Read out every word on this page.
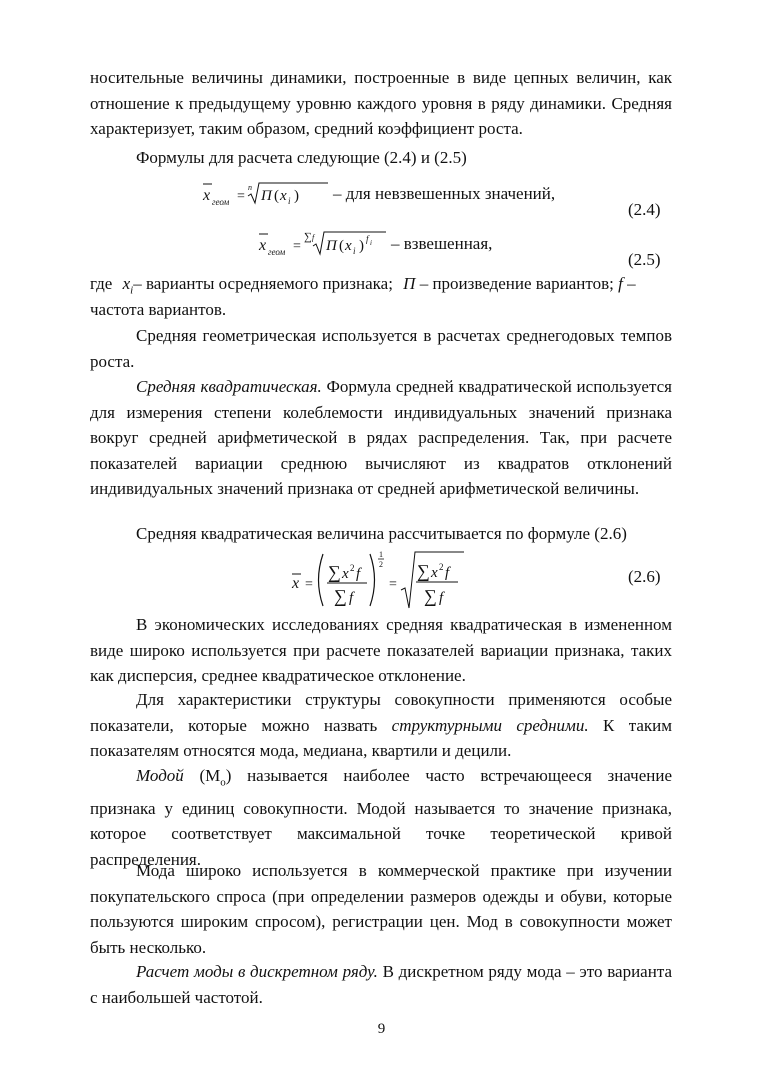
носительные величины динамики, построенные в виде цепных величин, как отношение к предыдущему уровню каждого уровня в ряду динамики. Средняя характеризует, таким образом, средний коэффициент роста.

Формулы для расчета следующие (2.4) и (2.5)

x геом =
n
Π ( x i ) – для невзвешенных значений,
(2.4)
x геом =
∑ f
Π ( x i ) f i – взвешенная,
(2.5)
где $x_i-$ варианты осредняемого признака; Π – произведение вариантов; f –
частота вариантов.

Средняя геометрическая используется в расчетах среднегодовых темпов роста.

Средняя квадратическая. Формула средней квадратической используется для измерения степени колеблемости индивидуальных значений признака вокруг средней арифметической в рядах распределения. Так, при расчете показателей вариации среднюю вычисляют из квадратов отклонений индивидуальных значений признака от средней арифметической величины.

Средняя квадратическая величина рассчитывается по формуле (2.6)

x =
∑ x 2 f
∑ f
1
2
=
∑ x 2 f
∑ f
(2.6)

В экономических исследованиях средняя квадратическая в измененном виде широко используется при расчете показателей вариации признака, таких как дисперсия, среднее квадратическое отклонение.

Для характеристики структуры совокупности применяются особые показатели, которые можно назвать структурными средними. К таким показателям относятся мода, медиана, квартили и децили.

Модой $(M_o)$ называется наиболее часто встречающееся значение признака у единиц совокупности. Модой называется то значение признака, которое соответствует максимальной точке теоретической кривой распределения.

Мода широко используется в коммерческой практике при изучении покупательского спроса (при определении размеров одежды и обуви, которые пользуются широким спросом), регистрации цен. Мод в совокупности может быть несколько.

Расчет моды в дискретном ряду. В дискретном ряду мода – это варианта с наибольшей частотой.

9
